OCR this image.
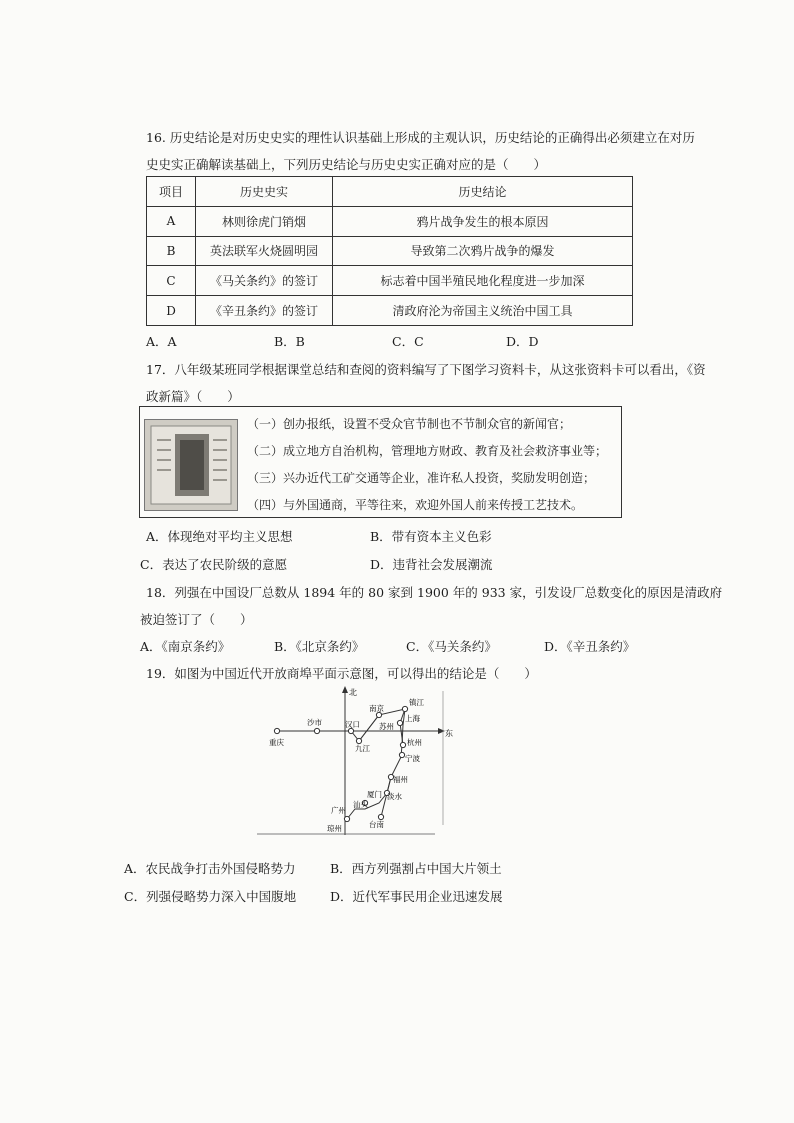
16. 历史结论是对历史史实的理性认识基础上形成的主观认识，历史结论的正确得出必须建立在对历
史史实正确解读基础上，下列历史结论与历史史实正确对应的是（　　）
项目	历史史实	历史结论
A	林则徐虎门销烟	鸦片战争发生的根本原因
B	英法联军火烧圆明园	导致第二次鸦片战争的爆发
C	《马关条约》的签订	标志着中国半殖民地化程度进一步加深
D	《辛丑条约》的签订	清政府沦为帝国主义统治中国工具
A．A	B．B	C．C	D．D
17．八年级某班同学根据课堂总结和查阅的资料编写了下图学习资料卡，从这张资料卡可以看出，《资
政新篇》（　　）
（一）创办报纸，设置不受众官节制也不节制众官的新闻官；
（二）成立地方自治机构，管理地方财政、教育及社会救济事业等；
（三）兴办近代工矿交通等企业，准许私人投资，奖励发明创造；
（四）与外国通商，平等往来，欢迎外国人前来传授工艺技术。
A．体现绝对平均主义思想	B．带有资本主义色彩
C．表达了农民阶级的意愿	D．违背社会发展潮流
18．列强在中国设厂总数从 1894 年的 80 家到 1900 年的 933 家，引发设厂总数变化的原因是清政府
被迫签订了（　　）
A．《南京条约》	B．《北京条约》	C．《马关条约》	D．《辛丑条约》
19．如图为中国近代开放商埠平面示意图，可以得出的结论是（　　）
北
东
重庆
沙市	汉口
九江
南京
镇江
苏州
上海
杭州
宁波
福州
厦门
汕头
广州
淡水
台南
琼州
A．农民战争打击外国侵略势力	B．西方列强割占中国大片领土
C．列强侵略势力深入中国腹地	D．近代军事民用企业迅速发展
